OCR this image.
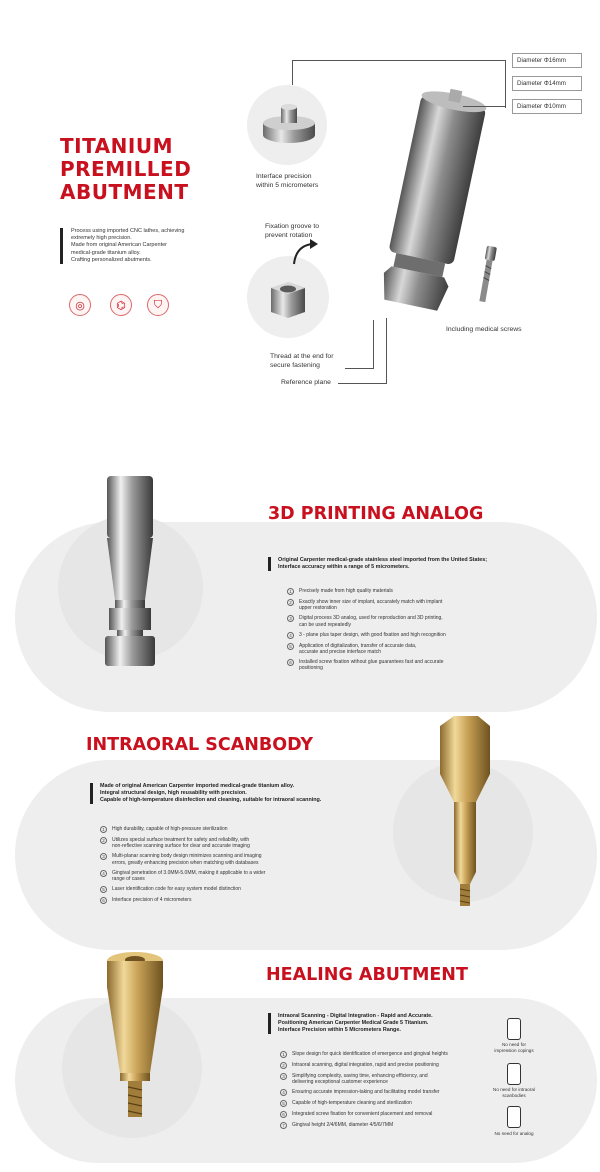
TITANIUM
PREMILLED
ABUTMENT
Process using imported CNC lathes, achieving
extremely high precision.
Made from original American Carpenter
medical-grade titanium alloy.
Crafting personalized abutments.
◎	⌬	⛉
Diameter Φ16mm
Diameter Φ14mm
Diameter Φ10mm
Interface precision
within 5 micrometers
Fixation groove to
prevent rotation
Including medical screws
Thread at the end for
secure fastening
Reference plane
3D PRINTING ANALOG
Original Carpenter medical-grade stainless steel imported from the United States;
Interface accuracy within a range of 5 micrometers.
1	Precisely made from high quality materials
2	Exactly show inner size of implant, accurately match with implant
upper restoration
3	Digital process 3D analog, used for reproduction and 3D printing,
can be used repeatedly
4	3 - plane plus taper design, with good fixation and high recognition
5	Application of digitalization, transfer of accurate data,
accurate and precise interface match
6	Installed screw fixation without glue guarantees fast and accurate
positioning
INTRAORAL SCANBODY
Made of original American Carpenter imported medical-grade titanium alloy.
Integral structural design, high reusability with precision.
Capable of high-temperature disinfection and cleaning, suitable for intraoral scanning.
1	High durability, capable of high-pressure sterilization
2	Utilizes special surface treatment for safety and reliability, with
non-reflective scanning surface for clear and accurate imaging
3	Multi-planar scanning body design minimizes scanning and imaging
errors, greatly enhancing precision when matching with databases
4	Gingival penetration of 3.0MM-5.0MM, making it applicable to a wider
range of cases
5	Laser identification code for easy system model distinction
6	Interface precision of 4 micrometers
HEALING ABUTMENT
Intraoral Scanning - Digital Integration - Rapid and Accurate.
Positioning American Carpenter Medical Grade 5 Titanium.
Interface Precision within 5 Micrometers Range.
1	Slope design for quick identification of emergence and gingival heights
2	Intraoral scanning, digital integration, rapid and precise positioning
3	Simplifying complexity, saving time, enhancing efficiency, and
delivering exceptional customer experience
4	Ensuring accurate impression-taking and facilitating model transfer
5	Capable of high-temperature cleaning and sterilization
6	Integrated screw fixation for convenient placement and removal
7	Gingival height 2/4/6MM, diameter 4/5/6/7MM
No need for
impression copings
No need for intraoral
scanbodies
No need for analog
